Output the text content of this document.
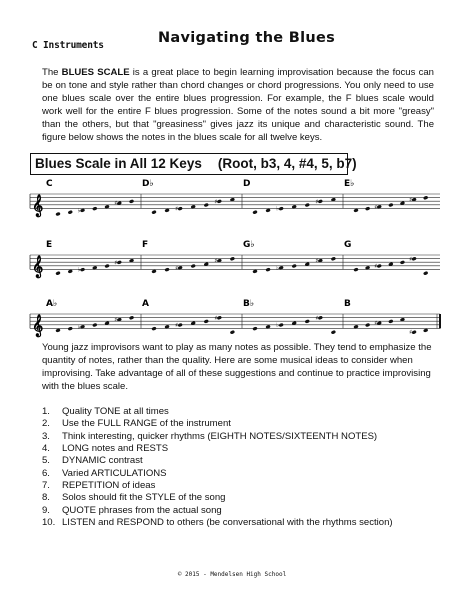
C Instruments	Navigating the Blues
The BLUES SCALE is a great place to begin learning improvisation because the focus can be on tone and style rather than chord changes or chord progressions. You only need to use one blues scale over the entire blues progression. For example, the F blues scale would work well for the entire F blues progression. Some of the notes sound a bit more "greasy" than the others, but that "greasiness" gives jazz its unique and characteristic sound. The figure below shows the notes in the blues scale for all twelve keys.
Blues Scale in All 12 Keys (Root, b3, 4, #4, 5, b7)
𝄞
C
♭
♯
D♭
♯
♯
D
♭
♯
E♭
♯
♯
𝄞
E
♭
♯
F
♯
♯
G♭
♭
♯
G
♯
♯
𝄞
A♭
♭
♯
A
♯
♯
B♭
♭
♯
B
♯
♯
Young jazz improvisors want to play as many notes as possible. They tend to emphasize the quantity of notes, rather than the quality. Here are some musical ideas to consider when improvising. Take advantage of all of these suggestions and continue to practice improvising with the blues scale.
1. Quality TONE at all times
2. Use the FULL RANGE of the instrument
3. Think interesting, quicker rhythms (EIGHTH NOTES/SIXTEENTH NOTES)
4. LONG notes and RESTS
5. DYNAMIC contrast
6. Varied ARTICULATIONS
7. REPETITION of ideas
8. Solos should fit the STYLE of the song
9. QUOTE phrases from the actual song
10. LISTEN and RESPOND to others (be conversational with the rhythms section)
© 2015 - Mendelsen High School
